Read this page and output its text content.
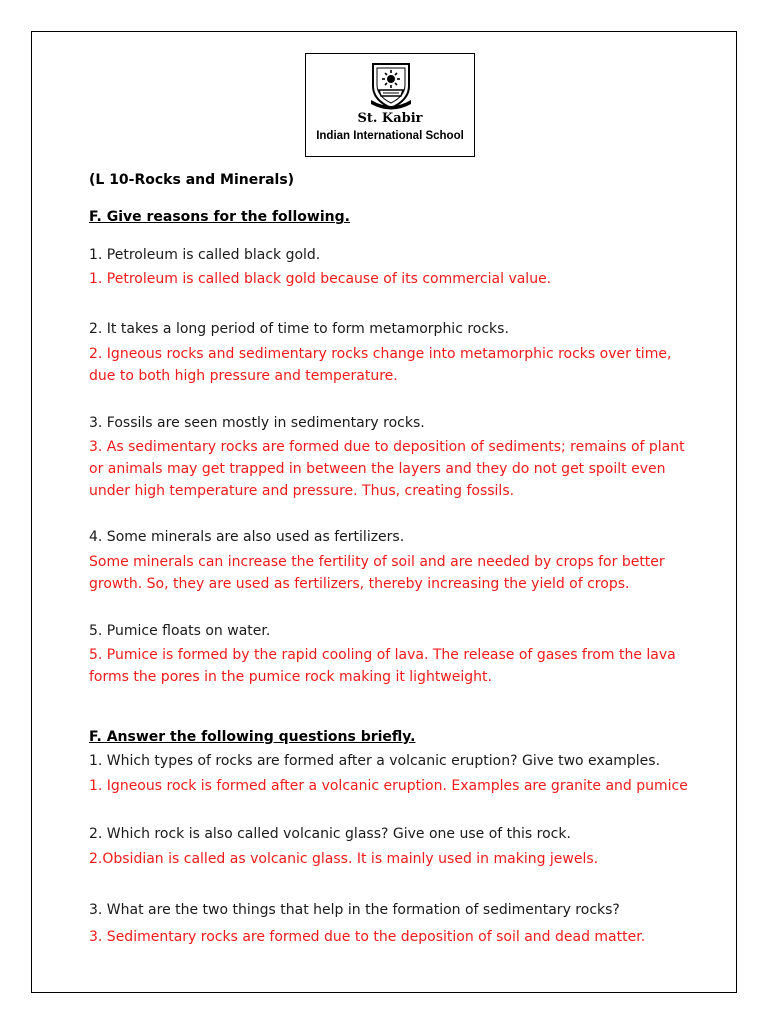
St. Kabir
Indian International School
(L 10-Rocks and Minerals)
F. Give reasons for the following.
1. Petroleum is called black gold.
1. Petroleum is called black gold because of its commercial value.
2. It takes a long period of time to form metamorphic rocks.
2. Igneous rocks and sedimentary rocks change into metamorphic rocks over time,
due to both high pressure and temperature.
3. Fossils are seen mostly in sedimentary rocks.
3. As sedimentary rocks are formed due to deposition of sediments; remains of plant
or animals may get trapped in between the layers and they do not get spoilt even
under high temperature and pressure. Thus, creating fossils.
4. Some minerals are also used as fertilizers.
Some minerals can increase the fertility of soil and are needed by crops for better
growth. So, they are used as fertilizers, thereby increasing the yield of crops.
5. Pumice floats on water.
5. Pumice is formed by the rapid cooling of lava. The release of gases from the lava
forms the pores in the pumice rock making it lightweight.
F. Answer the following questions briefly.
1. Which types of rocks are formed after a volcanic eruption? Give two examples.
1. Igneous rock is formed after a volcanic eruption. Examples are granite and pumice
2. Which rock is also called volcanic glass? Give one use of this rock.
2.Obsidian is called as volcanic glass. It is mainly used in making jewels.
3. What are the two things that help in the formation of sedimentary rocks?
3. Sedimentary rocks are formed due to the deposition of soil and dead matter.
